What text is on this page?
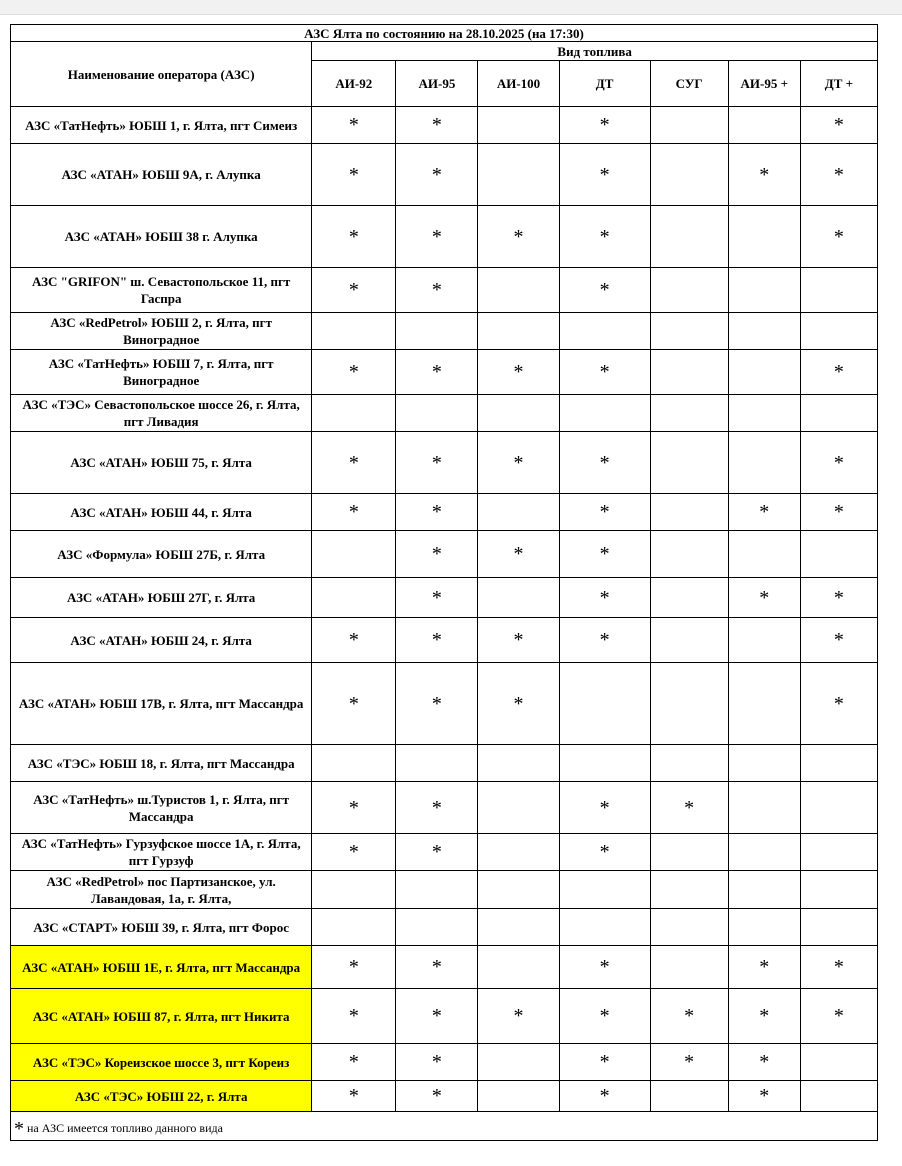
АЗС Ялта по состоянию на 28.10.2025 (на 17:30)							
Наименование оператора (АЗС)	Вид топлива						
	АИ-92	АИ-95	АИ-100	ДТ	СУГ	АИ-95 +	ДТ +
АЗС «ТатНефть» ЮБШ 1, г. Ялта, пгт Симеиз	*	*		*			*
АЗС «АТАН» ЮБШ 9А, г. Алупка	*	*		*		*	*
АЗС «АТАН» ЮБШ 38 г. Алупка	*	*	*	*			*
АЗС "GRIFON" ш. Севастопольское 11, пгт Гаспра	*	*		*			
АЗС «RedPetrol» ЮБШ 2, г. Ялта, пгт Виноградное							
АЗС «ТатНефть» ЮБШ 7, г. Ялта, пгт Виноградное	*	*	*	*			*
АЗС «ТЭС» Севастопольское шоссе 26, г. Ялта, пгт Ливадия							
АЗС «АТАН» ЮБШ 75, г. Ялта	*	*	*	*			*
АЗС «АТАН» ЮБШ 44, г. Ялта	*	*		*		*	*
АЗС «Формула» ЮБШ 27Б, г. Ялта		*	*	*			
АЗС «АТАН» ЮБШ 27Г, г. Ялта		*		*		*	*
АЗС «АТАН» ЮБШ 24, г. Ялта	*	*	*	*			*
АЗС «АТАН» ЮБШ 17В, г. Ялта, пгт Массандра	*	*	*				*
АЗС «ТЭС» ЮБШ 18, г. Ялта, пгт Массандра							
АЗС «ТатНефть» ш.Туристов 1, г. Ялта, пгт Массандра	*	*		*	*		
АЗС «ТатНефть» Гурзуфское шоссе 1А, г. Ялта, пгт Гурзуф	*	*		*			
АЗС «RedPetrol» пос Партизанское, ул. Лавандовая, 1а, г. Ялта,							
АЗС «СТАРТ» ЮБШ 39, г. Ялта, пгт Форос							
АЗС «АТАН» ЮБШ 1Е, г. Ялта, пгт Массандра	*	*		*		*	*
АЗС «АТАН» ЮБШ 87, г. Ялта, пгт Никита	*	*	*	*	*	*	*
АЗС «ТЭС» Кореизское шоссе 3, пгт Кореиз	*	*		*	*	*	
АЗС «ТЭС» ЮБШ 22, г. Ялта	*	*		*		*	
* на АЗС имеется топливо данного вида							
